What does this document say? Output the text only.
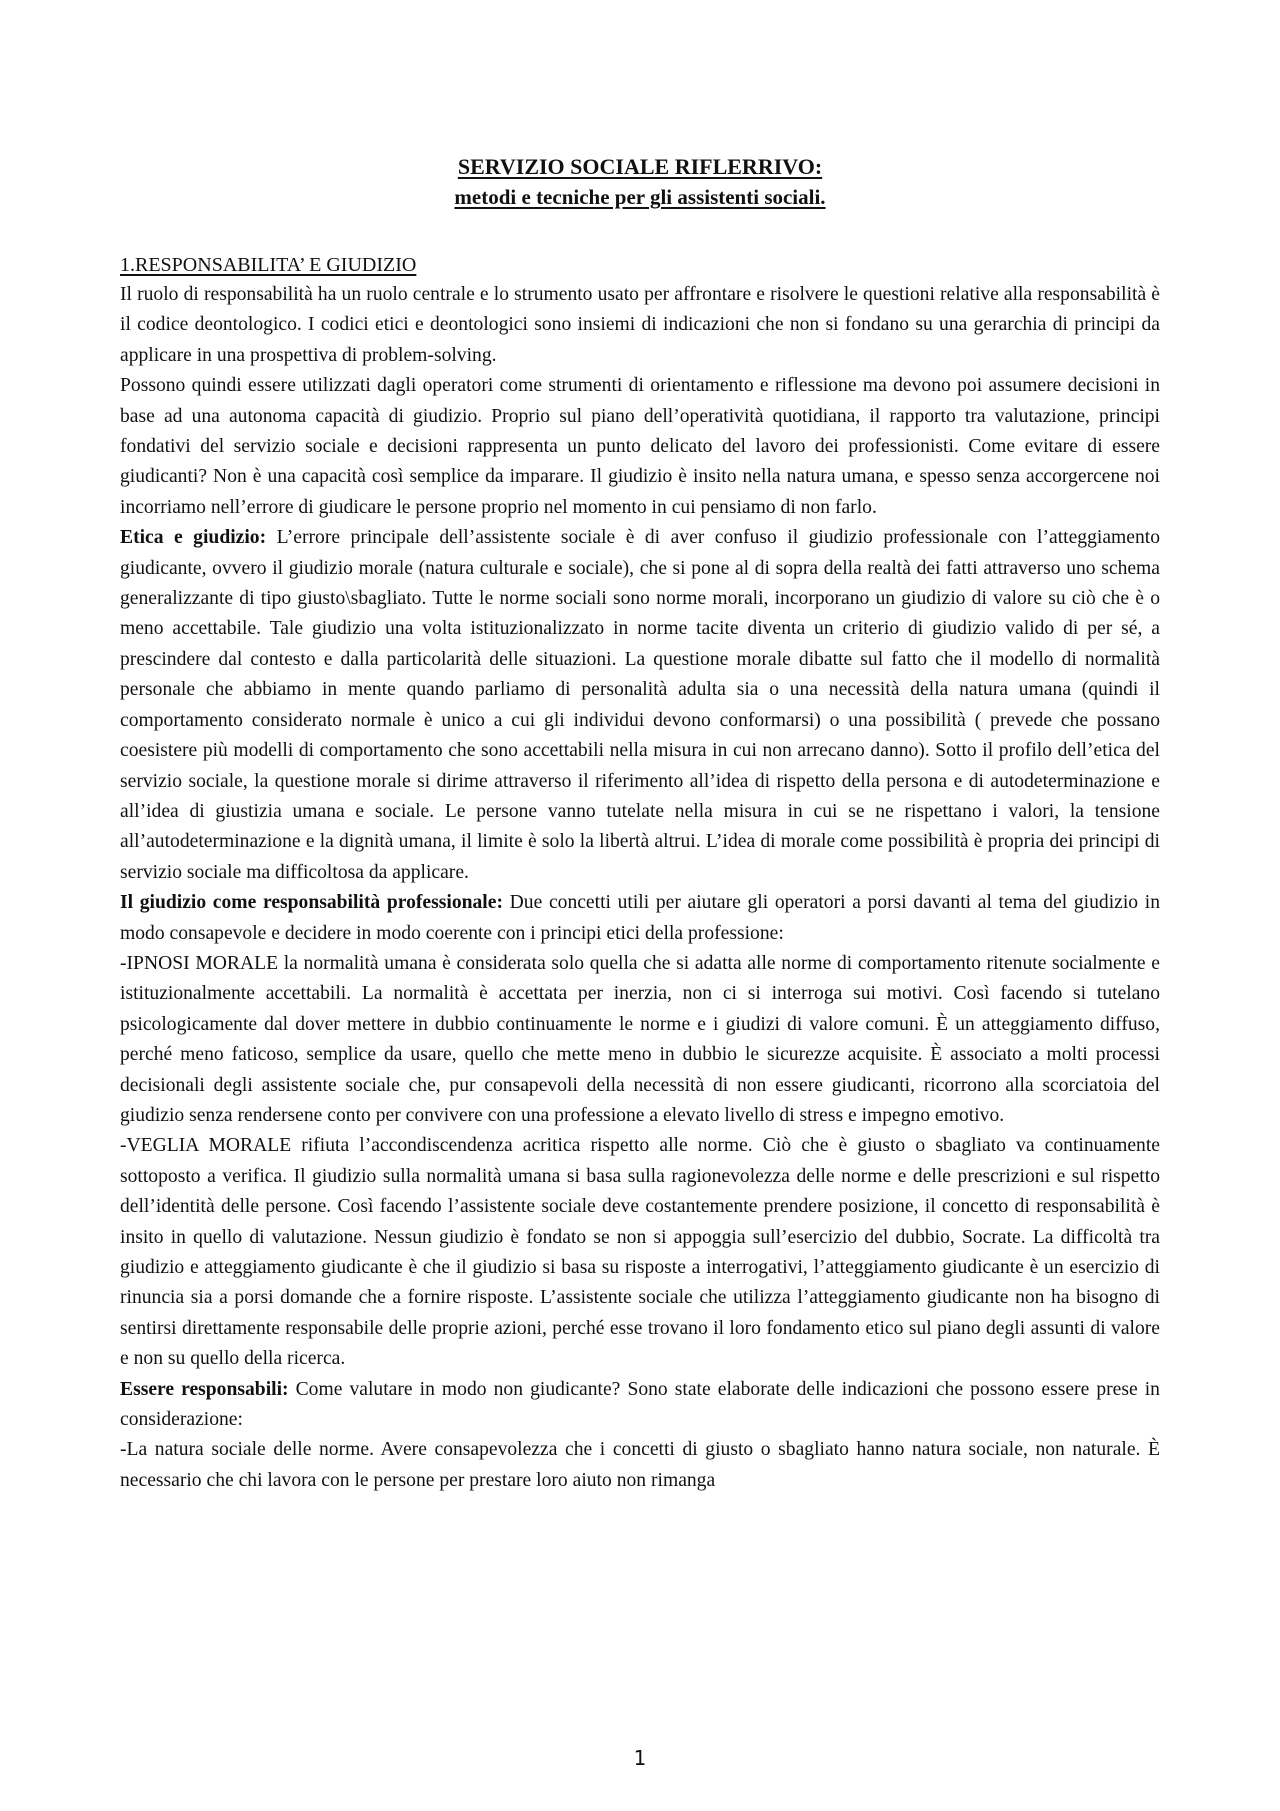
SERVIZIO SOCIALE RIFLERRIVO:
metodi e tecniche per gli assistenti sociali.
1.RESPONSABILITA’ E GIUDIZIO

Il ruolo di responsabilità ha un ruolo centrale e lo strumento usato per affrontare e risolvere le questioni relative alla responsabilità è il codice deontologico. I codici etici e deontologici sono insiemi di indicazioni che non si fondano su una gerarchia di principi da applicare in una prospettiva di problem-solving.

Possono quindi essere utilizzati dagli operatori come strumenti di orientamento e riflessione ma devono poi assumere decisioni in base ad una autonoma capacità di giudizio. Proprio sul piano dell’operatività quotidiana, il rapporto tra valutazione, principi fondativi del servizio sociale e decisioni rappresenta un punto delicato del lavoro dei professionisti. Come evitare di essere giudicanti? Non è una capacità così semplice da imparare. Il giudizio è insito nella natura umana, e spesso senza accorgercene noi incorriamo nell’errore di giudicare le persone proprio nel momento in cui pensiamo di non farlo.

Etica e giudizio: L’errore principale dell’assistente sociale è di aver confuso il giudizio professionale con l’atteggiamento giudicante, ovvero il giudizio morale (natura culturale e sociale), che si pone al di sopra della realtà dei fatti attraverso uno schema generalizzante di tipo giusto\sbagliato. Tutte le norme sociali sono norme morali, incorporano un giudizio di valore su ciò che è o meno accettabile. Tale giudizio una volta istituzionalizzato in norme tacite diventa un criterio di giudizio valido di per sé, a prescindere dal contesto e dalla particolarità delle situazioni. La questione morale dibatte sul fatto che il modello di normalità personale che abbiamo in mente quando parliamo di personalità adulta sia o una necessità della natura umana (quindi il comportamento considerato normale è unico a cui gli individui devono conformarsi) o una possibilità ( prevede che possano coesistere più modelli di comportamento che sono accettabili nella misura in cui non arrecano danno). Sotto il profilo dell’etica del servizio sociale, la questione morale si dirime attraverso il riferimento all’idea di rispetto della persona e di autodeterminazione e all’idea di giustizia umana e sociale. Le persone vanno tutelate nella misura in cui se ne rispettano i valori, la tensione all’autodeterminazione e la dignità umana, il limite è solo la libertà altrui. L’idea di morale come possibilità è propria dei principi di servizio sociale ma difficoltosa da applicare.

Il giudizio come responsabilità professionale: Due concetti utili per aiutare gli operatori a porsi davanti al tema del giudizio in modo consapevole e decidere in modo coerente con i principi etici della professione:

-IPNOSI MORALE la normalità umana è considerata solo quella che si adatta alle norme di comportamento ritenute socialmente e istituzionalmente accettabili. La normalità è accettata per inerzia, non ci si interroga sui motivi. Così facendo si tutelano psicologicamente dal dover mettere in dubbio continuamente le norme e i giudizi di valore comuni. È un atteggiamento diffuso, perché meno faticoso, semplice da usare, quello che mette meno in dubbio le sicurezze acquisite. È associato a molti processi decisionali degli assistente sociale che, pur consapevoli della necessità di non essere giudicanti, ricorrono alla scorciatoia del giudizio senza rendersene conto per convivere con una professione a elevato livello di stress e impegno emotivo.

-VEGLIA MORALE rifiuta l’accondiscendenza acritica rispetto alle norme. Ciò che è giusto o sbagliato va continuamente sottoposto a verifica. Il giudizio sulla normalità umana si basa sulla ragionevolezza delle norme e delle prescrizioni e sul rispetto dell’identità delle persone. Così facendo l’assistente sociale deve costantemente prendere posizione, il concetto di responsabilità è insito in quello di valutazione. Nessun giudizio è fondato se non si appoggia sull’esercizio del dubbio, Socrate. La difficoltà tra giudizio e atteggiamento giudicante è che il giudizio si basa su risposte a interrogativi, l’atteggiamento giudicante è un esercizio di rinuncia sia a porsi domande che a fornire risposte. L’assistente sociale che utilizza l’atteggiamento giudicante non ha bisogno di sentirsi direttamente responsabile delle proprie azioni, perché esse trovano il loro fondamento etico sul piano degli assunti di valore e non su quello della ricerca.

Essere responsabili: Come valutare in modo non giudicante? Sono state elaborate delle indicazioni che possono essere prese in considerazione:

-La natura sociale delle norme. Avere consapevolezza che i concetti di giusto o sbagliato hanno natura sociale, non naturale. È necessario che chi lavora con le persone per prestare loro aiuto non rimanga

1
